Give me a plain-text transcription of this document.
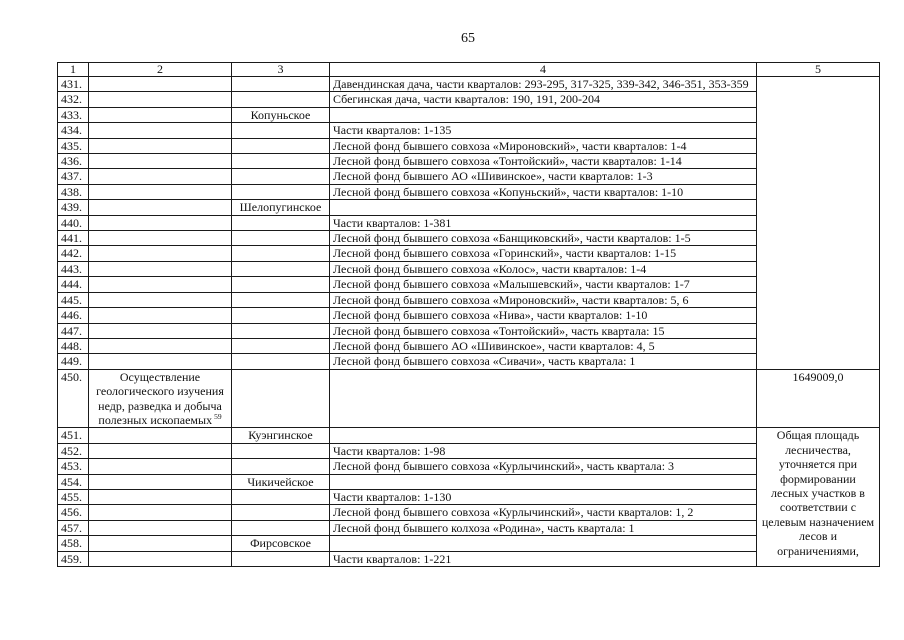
65
1	2	3	4	5
431.			Давендинская дача, части кварталов: 293-295, 317-325, 339-342, 346-351, 353-359	
432.			Сбегинская дача, части кварталов: 190, 191, 200-204	
433.		Копуньское		
434.			Части кварталов: 1-135	
435.			Лесной фонд бывшего совхоза «Мироновский», части кварталов: 1-4	
436.			Лесной фонд бывшего совхоза «Тонтойский», части кварталов: 1-14	
437.			Лесной фонд бывшего АО «Шивинское», части кварталов: 1-3	
438.			Лесной фонд бывшего совхоза «Копуньский», части кварталов: 1-10	
439.		Шелопугинское		
440.			Части кварталов: 1-381	
441.			Лесной фонд бывшего совхоза «Банщиковский», части кварталов: 1-5	
442.			Лесной фонд бывшего совхоза «Горинский», части кварталов: 1-15	
443.			Лесной фонд бывшего совхоза «Колос», части кварталов: 1-4	
444.			Лесной фонд бывшего совхоза «Малышевский», части кварталов: 1-7	
445.			Лесной фонд бывшего совхоза «Мироновский», части кварталов: 5, 6	
446.			Лесной фонд бывшего совхоза «Нива», части кварталов: 1-10	
447.			Лесной фонд бывшего совхоза «Тонтойский», часть квартала: 15	
448.			Лесной фонд бывшего АО «Шивинское», части кварталов: 4, 5	
449.			Лесной фонд бывшего совхоза «Сивачи», часть квартала: 1	
450.	Осуществление геологического изучения недр, разведка и добыча полезных ископаемых $^{59}$			1649009,0
451.		Куэнгинское		Общая площадь лесничества, уточняется при формировании лесных участков в соответствии с целевым назначением лесов и ограничениями,
452.			Части кварталов: 1-98	
453.			Лесной фонд бывшего совхоза «Курлычинский», часть квартала: 3	
454.		Чикичейское		
455.			Части кварталов: 1-130	
456.			Лесной фонд бывшего совхоза «Курлычинский», части кварталов: 1, 2	
457.			Лесной фонд бывшего колхоза «Родина», часть квартала: 1	
458.		Фирсовское		
459.			Части кварталов: 1-221	
